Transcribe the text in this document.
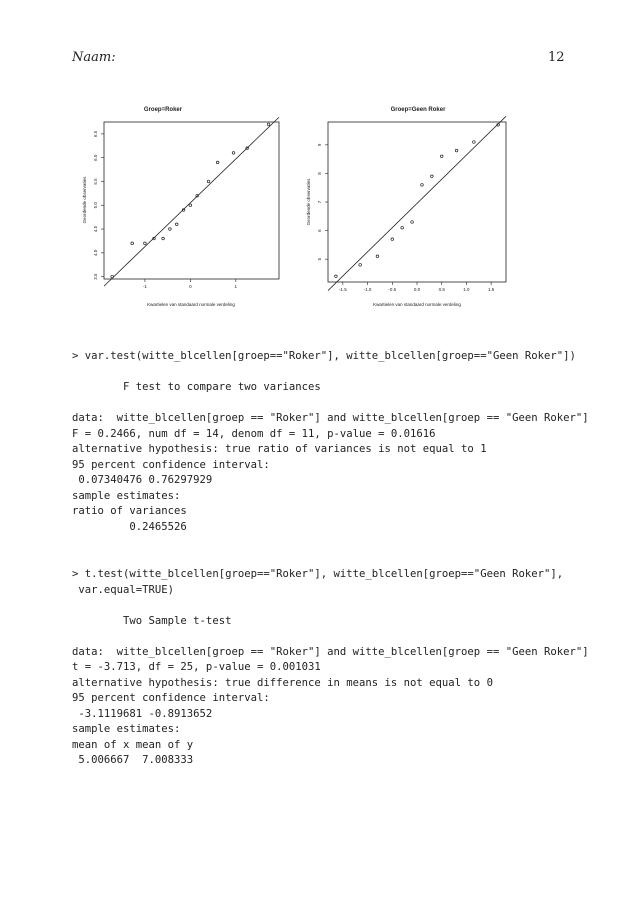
Naam:	12
Groep=Roker
-1	0	1
3.5
4.0
4.5
5.0
5.5
6.0
6.5
Kwartielen van standaard normale verdeling
Geordende observaties
Groep=Geen Roker
-1.5	-1.0	-0.5	0.0	0.5	1.0	1.5
5
6
7
8
9
Kwartielen van standaard normale verdeling
Geordende observaties
> var.test(witte_blcellen[groep=="Roker"], witte_blcellen[groep=="Geen Roker"])

F test to compare two variances

data:  witte_blcellen[groep == "Roker"] and witte_blcellen[groep == "Geen Roker"]
F = 0.2466, num df = 14, denom df = 11, p-value = 0.01616
alternative hypothesis: true ratio of variances is not equal to 1
95 percent confidence interval:
0.07340476 0.76297929
sample estimates:
ratio of variances
0.2465526
> t.test(witte_blcellen[groep=="Roker"], witte_blcellen[groep=="Geen Roker"],
var.equal=TRUE)

Two Sample t-test

data:  witte_blcellen[groep == "Roker"] and witte_blcellen[groep == "Geen Roker"]
t = -3.713, df = 25, p-value = 0.001031
alternative hypothesis: true difference in means is not equal to 0
95 percent confidence interval:
-3.1119681 -0.8913652
sample estimates:
mean of x mean of y
5.006667  7.008333
